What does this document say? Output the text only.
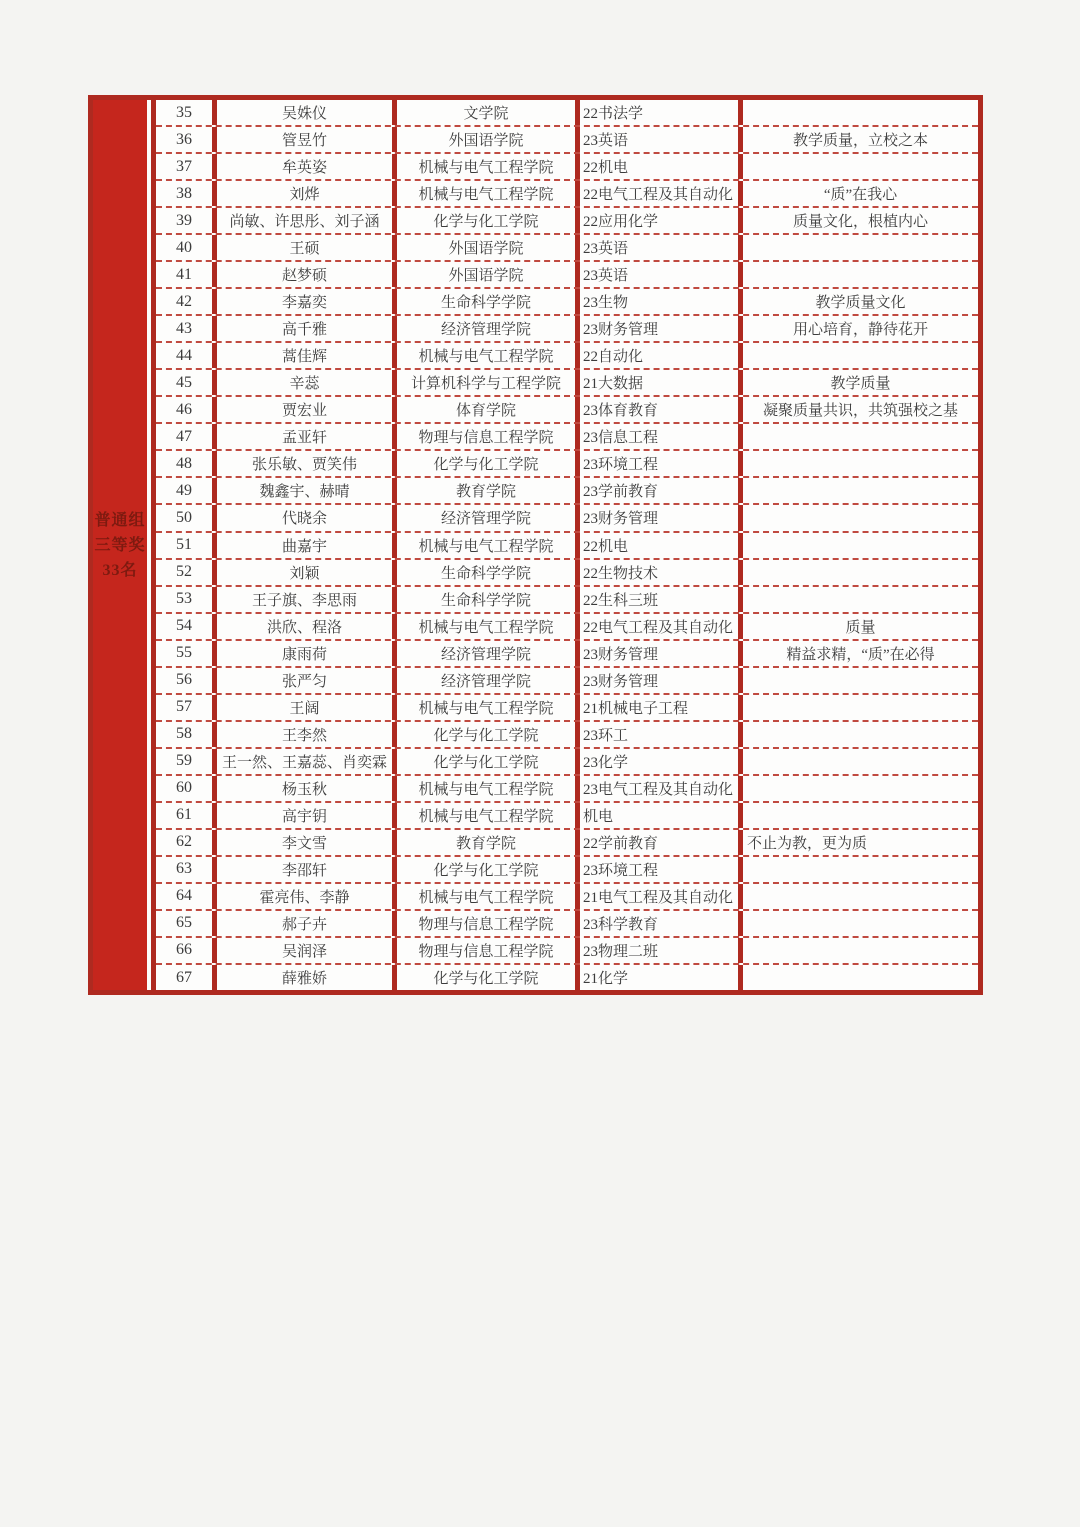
普通组
三等奖
33名
35	吴姝仪	文学院	22书法学
36	管昱竹	外国语学院	23英语	教学质量，立校之本
37	牟英姿	机械与电气工程学院	22机电
38	刘烨	机械与电气工程学院	22电气工程及其自动化	“质”在我心
39	尚敏、许思彤、刘子涵	化学与化工学院	22应用化学	质量文化，根植内心
40	王硕	外国语学院	23英语
41	赵梦硕	外国语学院	23英语
42	李嘉奕	生命科学学院	23生物	教学质量文化
43	高千雅	经济管理学院	23财务管理	用心培育，静待花开
44	蒿佳辉	机械与电气工程学院	22自动化
45	辛蕊	计算机科学与工程学院	21大数据	教学质量
46	贾宏业	体育学院	23体育教育	凝聚质量共识，共筑强校之基
47	孟亚轩	物理与信息工程学院	23信息工程
48	张乐敏、贾笑伟	化学与化工学院	23环境工程
49	魏鑫宇、赫晴	教育学院	23学前教育
50	代晓余	经济管理学院	23财务管理
51	曲嘉宇	机械与电气工程学院	22机电
52	刘颖	生命科学学院	22生物技术
53	王子旗、李思雨	生命科学学院	22生科三班
54	洪欣、程洛	机械与电气工程学院	22电气工程及其自动化	质量
55	康雨荷	经济管理学院	23财务管理	精益求精，“质”在必得
56	张严匀	经济管理学院	23财务管理
57	王阔	机械与电气工程学院	21机械电子工程
58	王李然	化学与化工学院	23环工
59	王一然、王嘉蕊、肖奕霖	化学与化工学院	23化学
60	杨玉秋	机械与电气工程学院	23电气工程及其自动化
61	高宇钥	机械与电气工程学院	机电
62	李文雪	教育学院	22学前教育	不止为教，更为质
63	李邵轩	化学与化工学院	23环境工程
64	霍亮伟、李静	机械与电气工程学院	21电气工程及其自动化
65	郝子卉	物理与信息工程学院	23科学教育
66	吴润泽	物理与信息工程学院	23物理二班
67	薛雅娇	化学与化工学院	21化学
